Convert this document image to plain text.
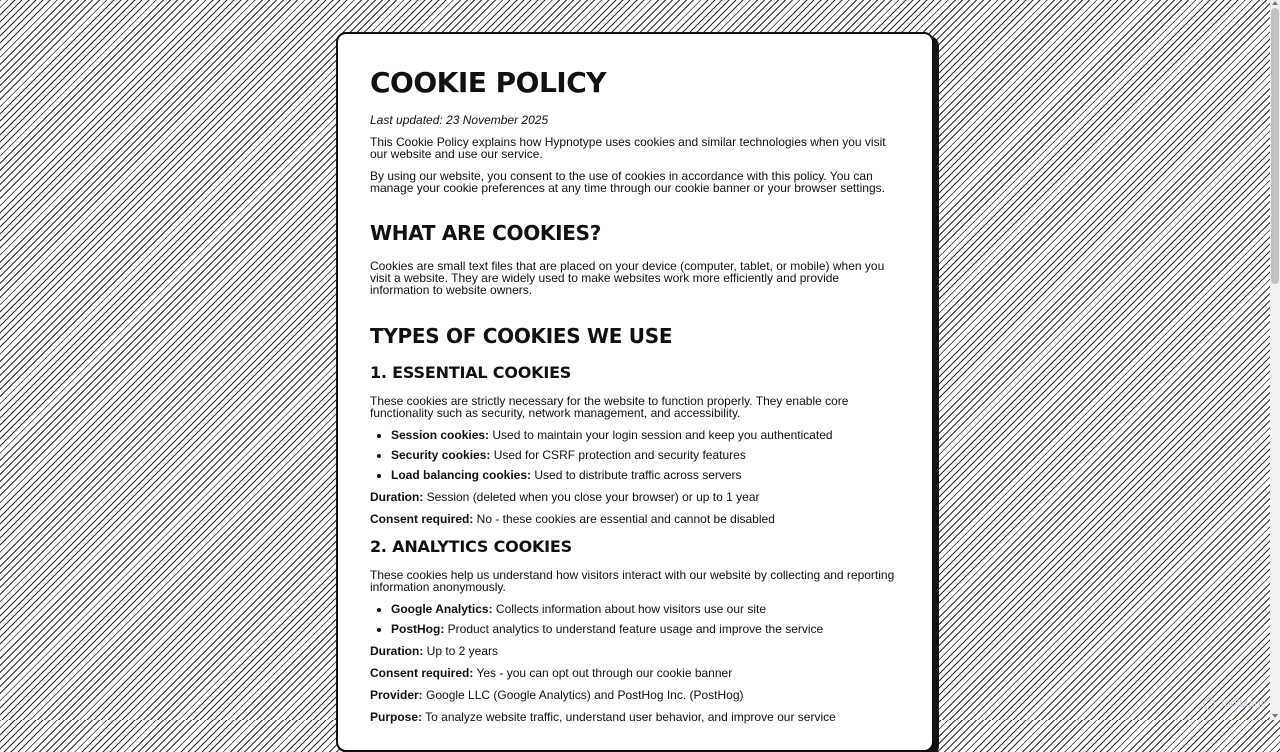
COOKIE POLICY

Last updated: 23 November 2025

This Cookie Policy explains how Hypnotype uses cookies and similar technologies when you visit our website and use our service.

By using our website, you consent to the use of cookies in accordance with this policy. You can manage your cookie preferences at any time through our cookie banner or your browser settings.

WHAT ARE COOKIES?

Cookies are small text files that are placed on your device (computer, tablet, or mobile) when you visit a website. They are widely used to make websites work more efficiently and provide information to website owners.

TYPES OF COOKIES WE USE
1. ESSENTIAL COOKIES

These cookies are strictly necessary for the website to function properly. They enable core functionality such as security, network management, and accessibility.

• Session cookies: Used to maintain your login session and keep you authenticated
• Security cookies: Used for CSRF protection and security features
• Load balancing cookies: Used to distribute traffic across servers

Duration: Session (deleted when you close your browser) or up to 1 year

Consent required: No - these cookies are essential and cannot be disabled

2. ANALYTICS COOKIES

These cookies help us understand how visitors interact with our website by collecting and reporting information anonymously.

• Google Analytics: Collects information about how visitors use our site
• PostHog: Product analytics to understand feature usage and improve the service

Duration: Up to 2 years

Consent required: Yes - you can opt out through our cookie banner

Provider: Google LLC (Google Analytics) and PostHog Inc. (PostHog)

Purpose: To analyze website traffic, understand user behavior, and improve our service

ToolMage
